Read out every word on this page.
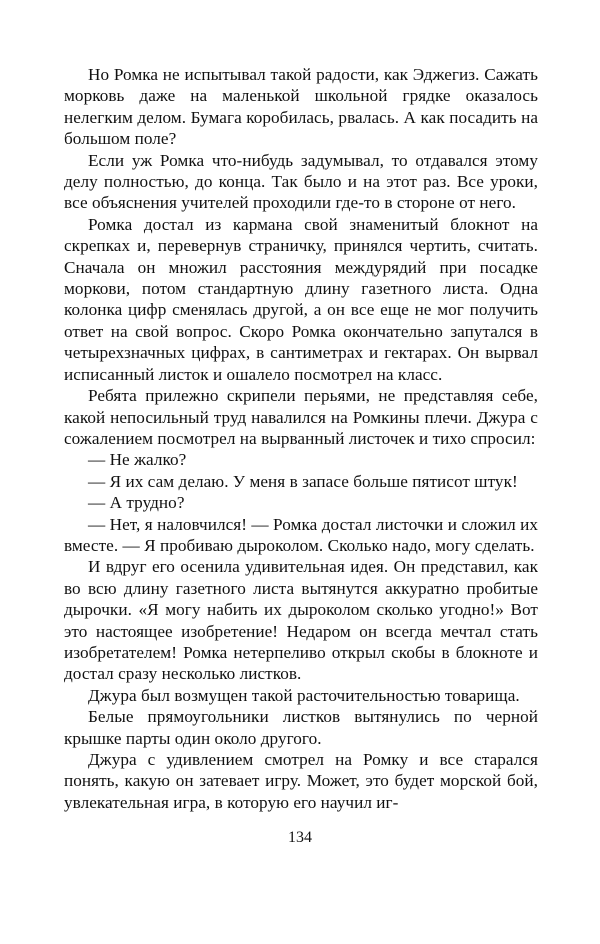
Но Ромка не испытывал такой радости, как Эджегиз. Сажать морковь даже на маленькой школьной грядке оказалось нелегким делом. Бумага коробилась, рвалась. А как посадить на большом поле?

Если уж Ромка что-нибудь задумывал, то отдавался этому делу полностью, до конца. Так было и на этот раз. Все уроки, все объяснения учителей проходили где-то в стороне от него.

Ромка достал из кармана свой знаменитый блокнот на скрепках и, перевернув страничку, принялся чертить, считать. Сначала он множил расстояния междурядий при посадке моркови, потом стандартную длину газетного листа. Одна колонка цифр сменялась другой, а он все еще не мог получить ответ на свой вопрос. Скоро Ромка окончательно запутался в четырехзначных цифрах, в сантиметрах и гектарах. Он вырвал исписанный листок и ошалело посмотрел на класс.

Ребята прилежно скрипели перьями, не представляя себе, какой непосильный труд навалился на Ромкины плечи. Джура с сожалением посмотрел на вырванный листочек и тихо спросил:

— Не жалко?

— Я их сам делаю. У меня в запасе больше пятисот штук!

— А трудно?

— Нет, я наловчился! — Ромка достал листочки и сложил их вместе. — Я пробиваю дыроколом. Сколько надо, могу сделать.

И вдруг его осенила удивительная идея. Он представил, как во всю длину газетного листа вытянутся аккуратно пробитые дырочки. «Я могу набить их дыроколом сколько угодно!» Вот это настоящее изобретение! Недаром он всегда мечтал стать изобретателем! Ромка нетерпеливо открыл скобы в блокноте и достал сразу несколько листков.

Джура был возмущен такой расточительностью товарища.

Белые прямоугольники листков вытянулись по черной крышке парты один около другого.

Джура с удивлением смотрел на Ромку и все старался понять, какую он затевает игру. Может, это будет морской бой, увлекательная игра, в которую его научил иг-

134
